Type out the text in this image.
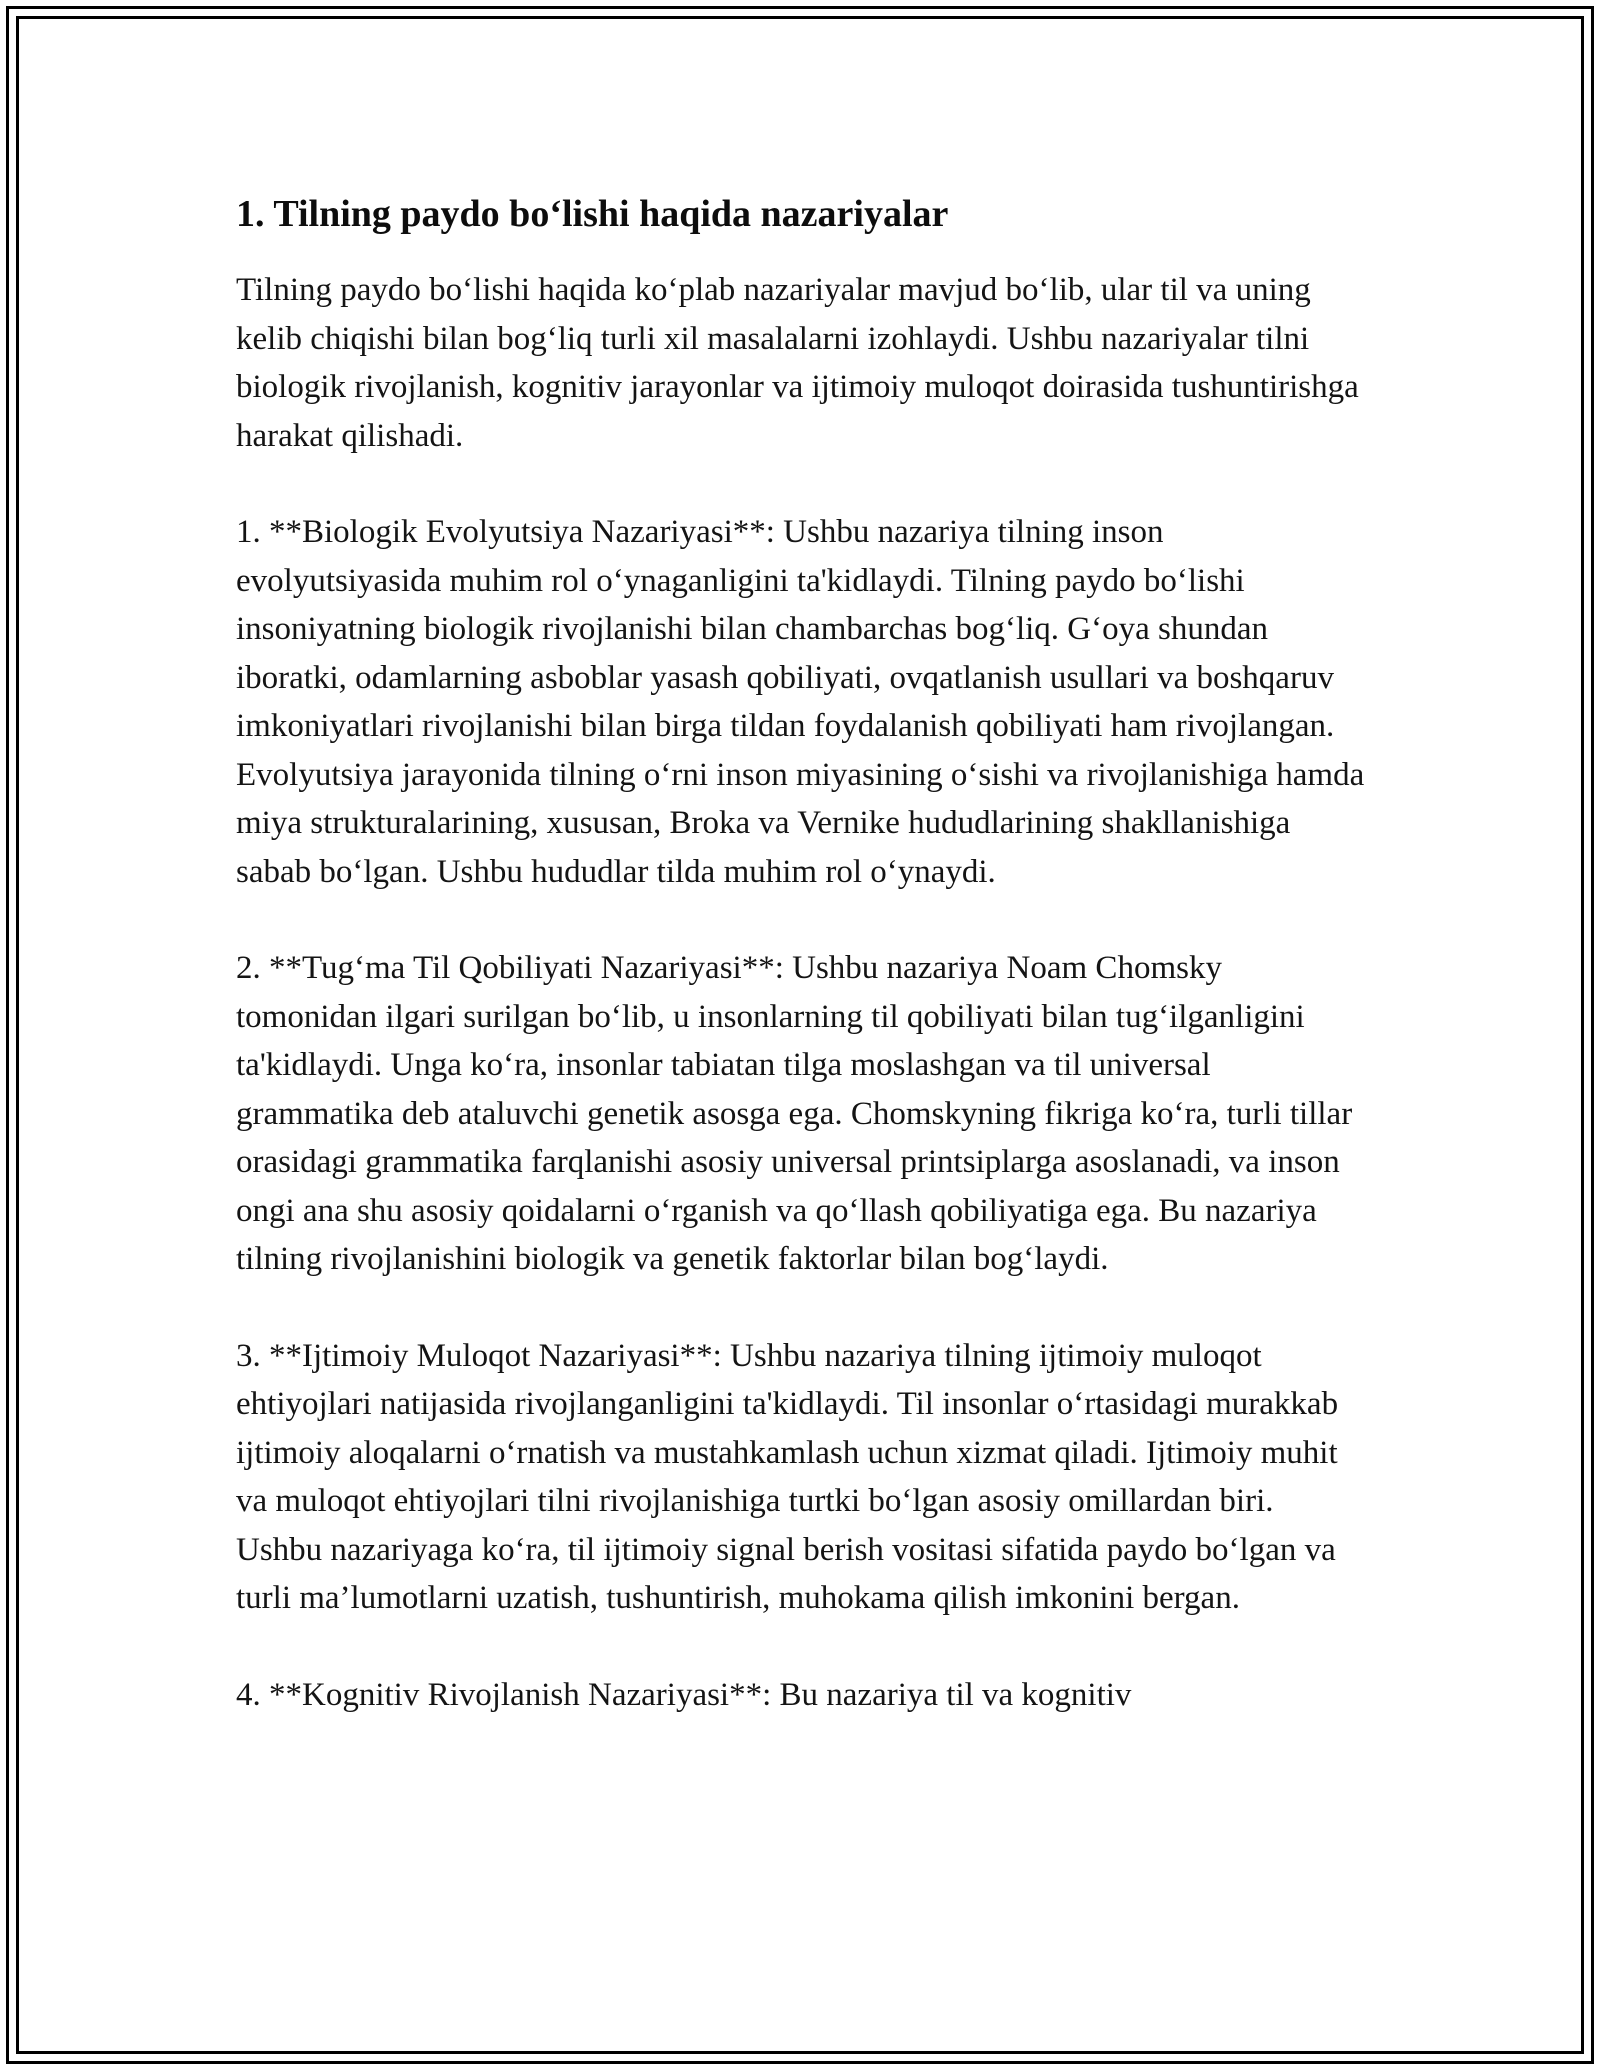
1. Tilning paydo bo‘lishi haqida nazariyalar

Tilning paydo bo‘lishi haqida ko‘plab nazariyalar mavjud bo‘lib, ular til va uning kelib chiqishi bilan bog‘liq turli xil masalalarni izohlaydi. Ushbu nazariyalar tilni biologik rivojlanish, kognitiv jarayonlar va ijtimoiy muloqot doirasida tushuntirishga harakat qilishadi.

1. **Biologik Evolyutsiya Nazariyasi**: Ushbu nazariya tilning inson evolyutsiyasida muhim rol o‘ynaganligini ta'kidlaydi. Tilning paydo bo‘lishi insoniyatning biologik rivojlanishi bilan chambarchas bog‘liq. G‘oya shundan iboratki, odamlarning asboblar yasash qobiliyati, ovqatlanish usullari va boshqaruv imkoniyatlari rivojlanishi bilan birga tildan foydalanish qobiliyati ham rivojlangan. Evolyutsiya jarayonida tilning o‘rni inson miyasining o‘sishi va rivojlanishiga hamda miya strukturalarining, xususan, Broka va Vernike hududlarining shakllanishiga sabab bo‘lgan. Ushbu hududlar tilda muhim rol o‘ynaydi.

2. **Tug‘ma Til Qobiliyati Nazariyasi**: Ushbu nazariya Noam Chomsky tomonidan ilgari surilgan bo‘lib, u insonlarning til qobiliyati bilan tug‘ilganligini ta'kidlaydi. Unga ko‘ra, insonlar tabiatan tilga moslashgan va til universal grammatika deb ataluvchi genetik asosga ega. Chomskyning fikriga ko‘ra, turli tillar orasidagi grammatika farqlanishi asosiy universal printsiplarga asoslanadi, va inson ongi ana shu asosiy qoidalarni o‘rganish va qo‘llash qobiliyatiga ega. Bu nazariya tilning rivojlanishini biologik va genetik faktorlar bilan bog‘laydi.

3. **Ijtimoiy Muloqot Nazariyasi**: Ushbu nazariya tilning ijtimoiy muloqot ehtiyojlari natijasida rivojlanganligini ta'kidlaydi. Til insonlar o‘rtasidagi murakkab ijtimoiy aloqalarni o‘rnatish va mustahkamlash uchun xizmat qiladi. Ijtimoiy muhit va muloqot ehtiyojlari tilni rivojlanishiga turtki bo‘lgan asosiy omillardan biri. Ushbu nazariyaga ko‘ra, til ijtimoiy signal berish vositasi sifatida paydo bo‘lgan va turli ma’lumotlarni uzatish, tushuntirish, muhokama qilish imkonini bergan.

4. **Kognitiv Rivojlanish Nazariyasi**: Bu nazariya til va kognitiv
